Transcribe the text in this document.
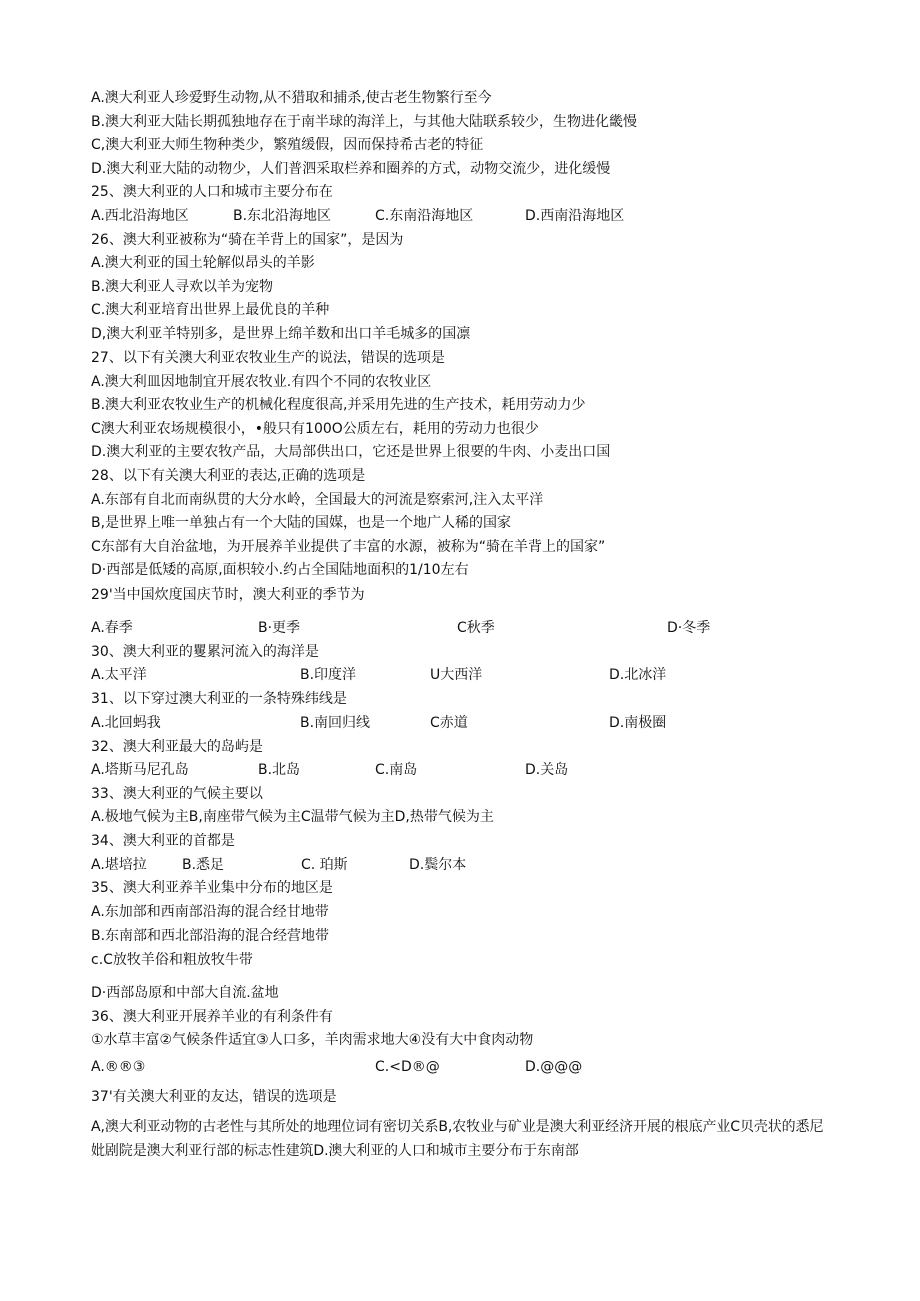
A.澳大利亚人珍爱野生动物,从不猎取和捕杀,使古老生物繁行至今
B.澳大利亚大陆长期孤独地存在于南半球的海洋上，与其他大陆联系较少，生物进化畿慢
C,澳大利亚大师生物种类少，繁殖缓假，因而保持希古老的特征
D.澳大利亚大陆的动物少，人们普泗采取栏养和圈养的方式，动物交流少，进化缓慢
25、澳大利亚的人口和城市主要分布在
A.西北沿海地区	B.东北沿海地区	C.东南沿海地区	D.西南沿海地区
26、澳大利亚被称为“骑在羊背上的国家”，是因为
A.澳大利亚的国土轮解似昂头的羊影
B.澳大利亚人寻欢以羊为宠物
C.澳大利亚培育出世界上最优良的羊种
D,澳大利亚羊特别多，是世界上绵羊数和出口羊毛城多的国凛
27、以下有关澳大利亚农牧业生产的说法，错误的选项是
A.澳大利皿因地制宜开展农牧业.有四个不同的农牧业区
B.澳大利亚农牧业生产的机械化程度很高,并采用先进的生产技术，耗用劳动力少
C澳大利亚农场规模很小，•般只有100O公质左右，耗用的劳动力也很少
D.澳大利亚的主要农牧产品，大局部供出口，它还是世界上很要的牛肉、小麦出口国
28、以下有关澳大利亚的表达,正确的选项是
A.东部有自北而南纵贯的大分水岭，全国最大的河流是察索河,注入太平洋
B,是世界上唯一单独占有一个大陆的国媒，也是一个地广人稀的国家
C东部有大自治盆地，为开展养羊业提供了丰富的水源，被称为“骑在羊背上的国家”
D·西部是低矮的高原,面枳较小.约占全国陆地面积的1/10左右
29'当中国炊度国庆节时，澳大利亚的季节为
A.春季	B·更季	C秋季	D·冬季
30、澳大利亚的矍累河流入的海洋是
A.太平洋	B.印度洋	U大西洋	D.北冰洋
31、以下穿过澳大利亚的一条特殊纬线是
A.北回蚂我	B.南回归线	C赤道	D.南极圈
32、澳大利亚最大的岛屿是
A.塔斯马尼孔岛	B.北岛	C.南岛	D.关岛
33、澳大利亚的气候主要以
A.极地气候为主B,南座带气候为主C温带气候为主D,热带气候为主
34、澳大利亚的首都是
A.堪培拉	B.悉足	C. 珀斯	D.鬓尔本
35、澳大利亚养羊业集中分布的地区是
A.东加部和西南部沿海的混合经甘地带
B.东南部和西北部沿海的混合经营地带
c.C放牧羊俗和粗放牧牛带
D·西部岛原和中部大自流.盆地
36、澳大利亚开展养羊业的有利条件有
①水草丰富②气候条件适宜③人口多，羊肉需求地大④没有大中食肉动物
A.®®③	C.<D®@	D.@@@
37'有关澳大利亚的友达，错误的选项是
A,澳大利亚动物的古老性与其所处的地理位词有密切关系B,农牧业与矿业是澳大利亚经济开展的根底产业C贝壳状的悉尼妣剧院是澳大利亚行部的标志性建筑D.澳大利亚的人口和城市主要分布于东南部
